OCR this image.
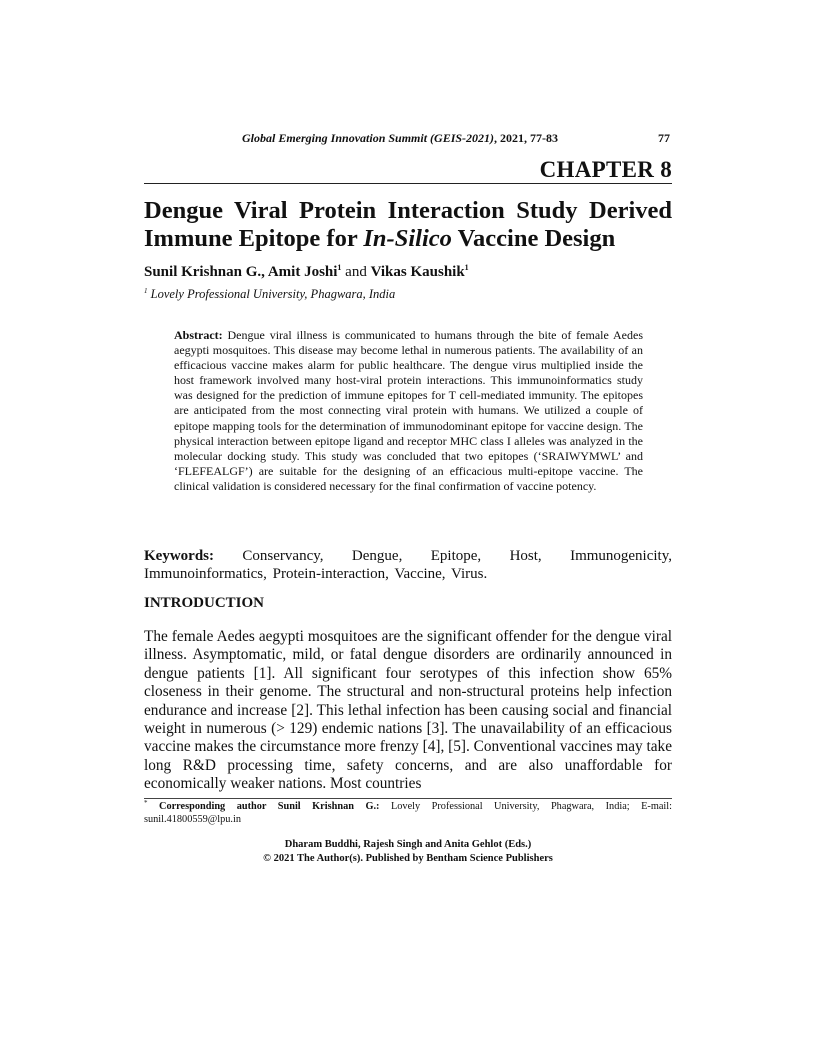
Global Emerging Innovation Summit (GEIS-2021), 2021, 77-83	77
CHAPTER 8
Dengue Viral Protein Interaction Study Derived Immune Epitope for In-Silico Vaccine Design
Sunil Krishnan G., Amit Joshi$^1$ and Vikas Kaushik$^1$
$^1$ Lovely Professional University, Phagwara, India
Abstract: Dengue viral illness is communicated to humans through the bite of female Aedes aegypti mosquitoes. This disease may become lethal in numerous patients. The availability of an efficacious vaccine makes alarm for public healthcare. The dengue virus multiplied inside the host framework involved many host-viral protein interactions. This immunoinformatics study was designed for the prediction of immune epitopes for T cell-mediated immunity. The epitopes are anticipated from the most connecting viral protein with humans. We utilized a couple of epitope mapping tools for the determination of immunodominant epitope for vaccine design. The physical interaction between epitope ligand and receptor MHC class I alleles was analyzed in the molecular docking study. This study was concluded that two epitopes (‘SRAIWYMWL’ and ‘FLEFEALGF’) are suitable for the designing of an efficacious multi-epitope vaccine. The clinical validation is considered necessary for the final confirmation of vaccine potency.
Keywords: Conservancy, Dengue, Epitope, Host, Immunogenicity, Immunoinformatics, Protein-interaction, Vaccine, Virus.
INTRODUCTION
The female Aedes aegypti mosquitoes are the significant offender for the dengue viral illness. Asymptomatic, mild, or fatal dengue disorders are ordinarily announced in dengue patients [1]. All significant four serotypes of this infection show 65% closeness in their genome. The structural and non-structural proteins help infection endurance and increase [2]. This lethal infection has been causing social and financial weight in numerous (> 129) endemic nations [3]. The unavailability of an efficacious vaccine makes the circumstance more frenzy [4], [5]. Conventional vaccines may take long R&D processing time, safety concerns, and are also unaffordable for economically weaker nations. Most countries
* Corresponding author Sunil Krishnan G.: Lovely Professional University, Phagwara, India; E-mail: sunil.41800559@lpu.in
Dharam Buddhi, Rajesh Singh and Anita Gehlot (Eds.)
© 2021 The Author(s). Published by Bentham Science Publishers
